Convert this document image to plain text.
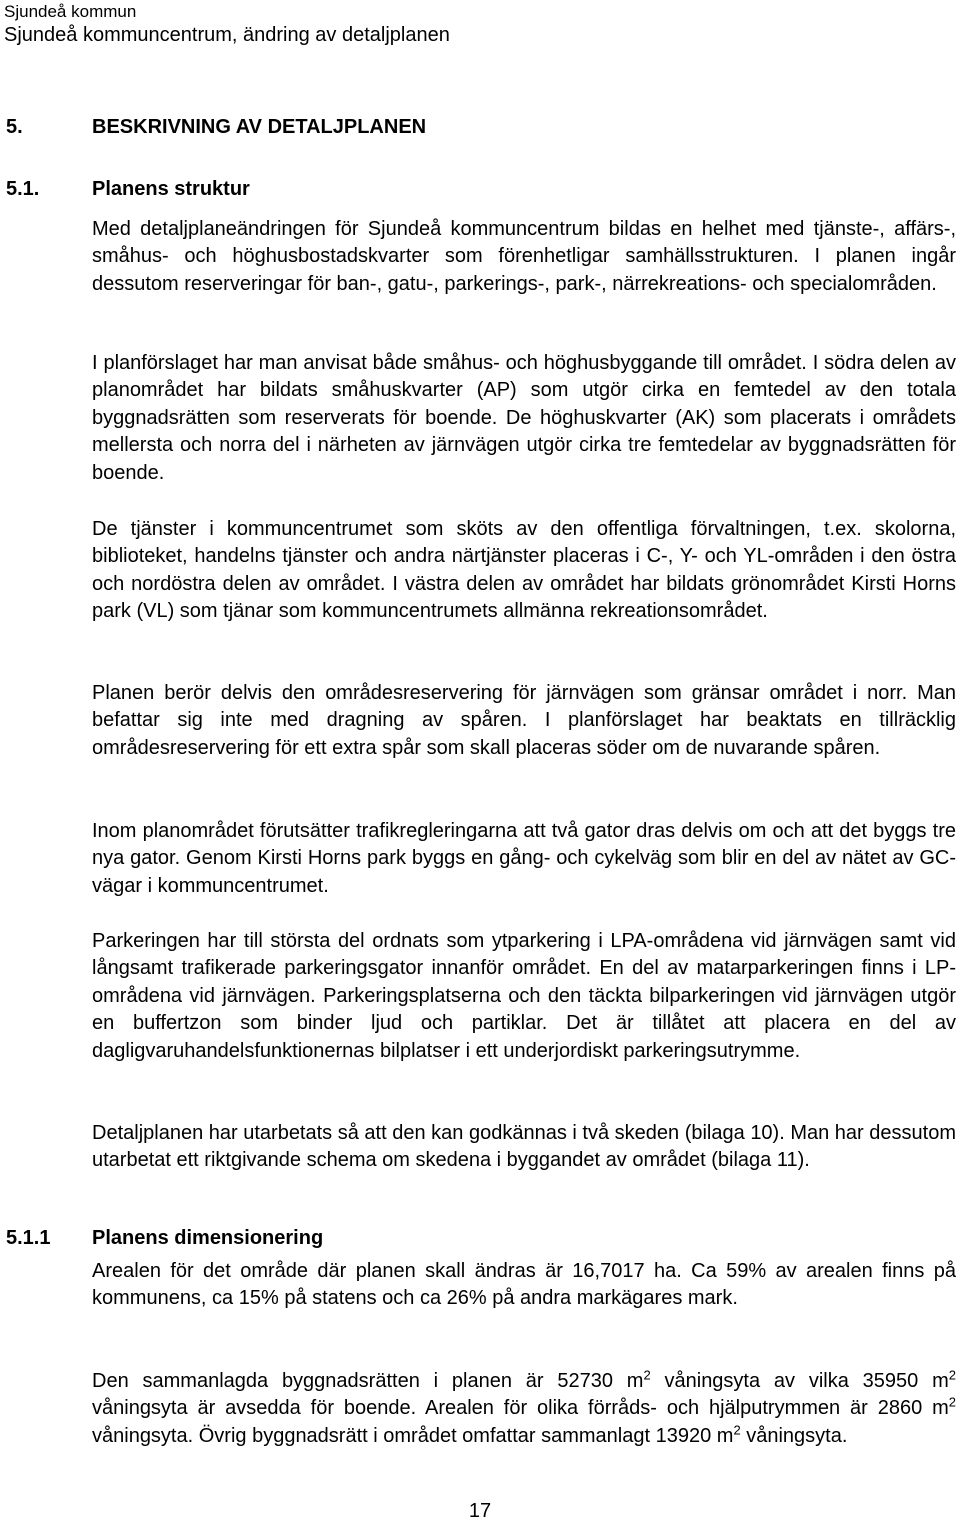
Sjundeå kommun
Sjundeå kommuncentrum, ändring av detaljplanen
5.	BESKRIVNING AV DETALJPLANEN
5.1.	Planens struktur

Med detaljplaneändringen för Sjundeå kommuncentrum bildas en helhet med tjänste-, affärs-, småhus- och höghusbostadskvarter som förenhetligar samhällsstrukturen. I planen ingår dessutom reserveringar för ban-, gatu-, parkerings-, park-, närrekreations- och specialområden.

I planförslaget har man anvisat både småhus- och höghusbyggande till området. I södra delen av planområdet har bildats småhuskvarter (AP) som utgör cirka en femtedel av den totala byggnadsrätten som reserverats för boende. De höghuskvarter (AK) som placerats i områdets mellersta och norra del i närheten av järnvägen utgör cirka tre femtedelar av byggnadsrätten för boende.

De tjänster i kommuncentrumet som sköts av den offentliga förvaltningen, t.ex. skolorna, biblioteket, handelns tjänster och andra närtjänster placeras i C-, Y- och YL-områden i den östra och nordöstra delen av området. I västra delen av området har bildats grönområdet Kirsti Horns park (VL) som tjänar som kommuncentrumets allmänna rekreationsområdet.

Planen berör delvis den områdesreservering för järnvägen som gränsar området i norr. Man befattar sig inte med dragning av spåren. I planförslaget har beaktats en tillräcklig områdesreservering för ett extra spår som skall placeras söder om de nuvarande spåren.

Inom planområdet förutsätter trafikregleringarna att två gator dras delvis om och att det byggs tre nya gator. Genom Kirsti Horns park byggs en gång- och cykelväg som blir en del av nätet av GC-vägar i kommuncentrumet.

Parkeringen har till största del ordnats som ytparkering i LPA-områdena vid järnvägen samt vid långsamt trafikerade parkeringsgator innanför området. En del av matarparkeringen finns i LP-områdena vid järnvägen. Parkeringsplatserna och den täckta bilparkeringen vid järnvägen utgör en buffertzon som binder ljud och partiklar. Det är tillåtet att placera en del av dagligvaruhandelsfunktionernas bilplatser i ett underjordiskt parkeringsutrymme.

Detaljplanen har utarbetats så att den kan godkännas i två skeden (bilaga 10). Man har dessutom utarbetat ett riktgivande schema om skedena i byggandet av området (bilaga 11).

5.1.1 Planens dimensionering

Arealen för det område där planen skall ändras är 16,7017 ha. Ca 59% av arealen finns på kommunens, ca 15% på statens och ca 26% på andra markägares mark.

Den sammanlagda byggnadsrätten i planen är 52730 $m^2$ våningsyta av vilka 35950 $m^2$ våningsyta är avsedda för boende. Arealen för olika förråds- och hjälputrymmen är 2860 $m^2$ våningsyta. Övrig byggnadsrätt i området omfattar sammanlagt 13920 $m^2$ våningsyta.

17
